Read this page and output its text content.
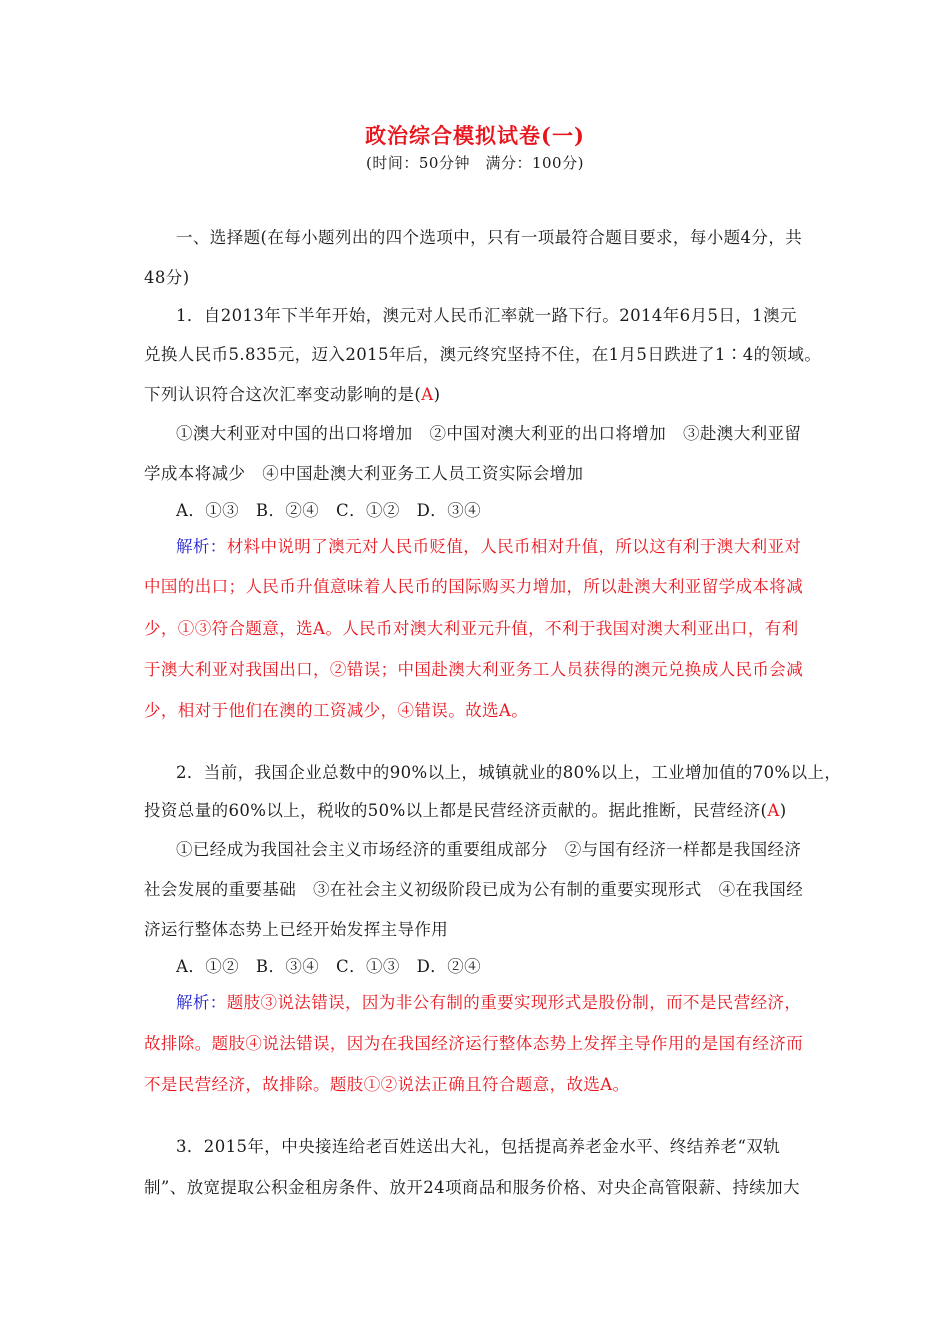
政治综合模拟试卷(一)
(时间：50分钟　满分：100分)
一、选择题(在每小题列出的四个选项中，只有一项最符合题目要求，每小题4分，共
48分)
1．自2013年下半年开始，澳元对人民币汇率就一路下行。2014年6月5日，1澳元
兑换人民币5.835元，迈入2015年后，澳元终究坚持不住，在1月5日跌进了1∶4的领域。
下列认识符合这次汇率变动影响的是(A)
①澳大利亚对中国的出口将增加　②中国对澳大利亚的出口将增加　③赴澳大利亚留
学成本将减少　④中国赴澳大利亚务工人员工资实际会增加
A．①③　B．②④　C．①②　D．③④
解析：材料中说明了澳元对人民币贬值，人民币相对升值，所以这有利于澳大利亚对
中国的出口；人民币升值意味着人民币的国际购买力增加，所以赴澳大利亚留学成本将减
少，①③符合题意，选A。人民币对澳大利亚元升值，不利于我国对澳大利亚出口，有利
于澳大利亚对我国出口，②错误；中国赴澳大利亚务工人员获得的澳元兑换成人民币会减
少，相对于他们在澳的工资减少，④错误。故选A。
2．当前，我国企业总数中的90%以上，城镇就业的80%以上，工业增加值的70%以上，
投资总量的60%以上，税收的50%以上都是民营经济贡献的。据此推断，民营经济(A)
①已经成为我国社会主义市场经济的重要组成部分　②与国有经济一样都是我国经济
社会发展的重要基础　③在社会主义初级阶段已成为公有制的重要实现形式　④在我国经
济运行整体态势上已经开始发挥主导作用
A．①②　B．③④　C．①③　D．②④
解析：题肢③说法错误，因为非公有制的重要实现形式是股份制，而不是民营经济，
故排除。题肢④说法错误，因为在我国经济运行整体态势上发挥主导作用的是国有经济而
不是民营经济，故排除。题肢①②说法正确且符合题意，故选A。
3．2015年，中央接连给老百姓送出大礼，包括提高养老金水平、终结养老“双轨
制”、放宽提取公积金租房条件、放开24项商品和服务价格、对央企高管限薪、持续加大
